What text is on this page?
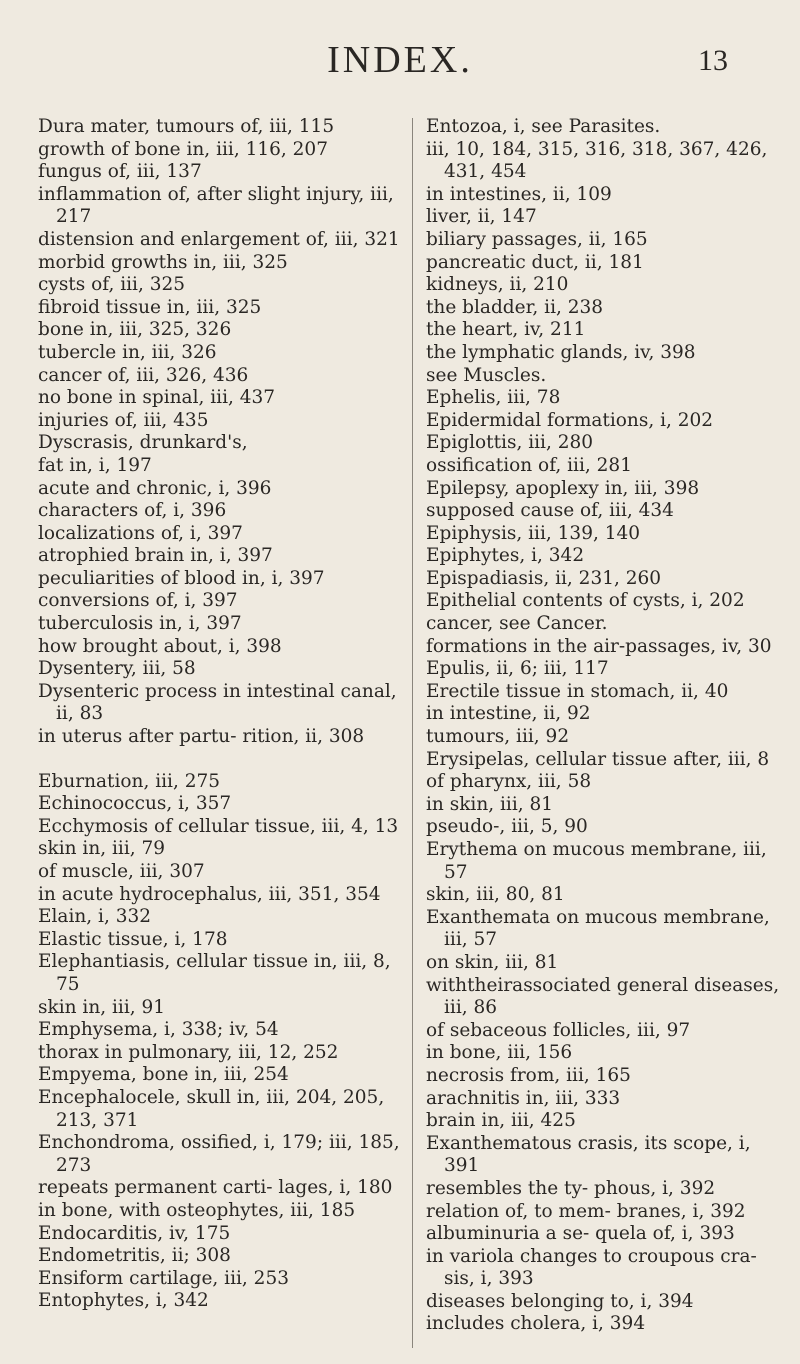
INDEX.	13
Dura mater, tumours of, iii, 115
growth of bone in, iii, 116, 207
fungus of, iii, 137
inflammation of, after slight injury, iii, 217
distension and enlargement of, iii, 321
morbid growths in, iii, 325
cysts of, iii, 325
fibroid tissue in, iii, 325
bone in, iii, 325, 326
tubercle in, iii, 326
cancer of, iii, 326, 436
no bone in spinal, iii, 437
injuries of, iii, 435
Dyscrasis, drunkard's,
fat in, i, 197
acute and chronic, i, 396
characters of, i, 396
localizations of, i, 397
atrophied brain in, i, 397
peculiarities of blood in, i, 397
conversions of, i, 397
tuberculosis in, i, 397
how brought about, i, 398
Dysentery, iii, 58
Dysenteric process in intestinal canal, ii, 83
in uterus after partu- rition, ii, 308
Eburnation, iii, 275
Echinococcus, i, 357
Ecchymosis of cellular tissue, iii, 4, 13
skin in, iii, 79
of muscle, iii, 307
in acute hydrocephalus, iii, 351, 354
Elain, i, 332
Elastic tissue, i, 178
Elephantiasis, cellular tissue in, iii, 8, 75
skin in, iii, 91
Emphysema, i, 338; iv, 54
thorax in pulmonary, iii, 12, 252
Empyema, bone in, iii, 254
Encephalocele, skull in, iii, 204, 205, 213, 371
Enchondroma, ossified, i, 179; iii, 185, 273
repeats permanent carti- lages, i, 180
in bone, with osteophytes, iii, 185
Endocarditis, iv, 175
Endometritis, ii; 308
Ensiform cartilage, iii, 253
Entophytes, i, 342
Entozoa, i, see Parasites.
iii, 10, 184, 315, 316, 318, 367, 426, 431, 454
in intestines, ii, 109
liver, ii, 147
biliary passages, ii, 165
pancreatic duct, ii, 181
kidneys, ii, 210
the bladder, ii, 238
the heart, iv, 211
the lymphatic glands, iv, 398
see Muscles.
Ephelis, iii, 78
Epidermidal formations, i, 202
Epiglottis, iii, 280
ossification of, iii, 281
Epilepsy, apoplexy in, iii, 398
supposed cause of, iii, 434
Epiphysis, iii, 139, 140
Epiphytes, i, 342
Epispadiasis, ii, 231, 260
Epithelial contents of cysts, i, 202
cancer, see Cancer.
formations in the air-passages, iv, 30
Epulis, ii, 6; iii, 117
Erectile tissue in stomach, ii, 40
in intestine, ii, 92
tumours, iii, 92
Erysipelas, cellular tissue after, iii, 8
of pharynx, iii, 58
in skin, iii, 81
pseudo-, iii, 5, 90
Erythema on mucous membrane, iii, 57
skin, iii, 80, 81
Exanthemata on mucous membrane, iii, 57
on skin, iii, 81
withtheirassociated general diseases, iii, 86
of sebaceous follicles, iii, 97
in bone, iii, 156
necrosis from, iii, 165
arachnitis in, iii, 333
brain in, iii, 425
Exanthematous crasis, its scope, i, 391
resembles the ty- phous, i, 392
relation of, to mem- branes, i, 392
albuminuria a se- quela of, i, 393
in variola changes to croupous cra- sis, i, 393
diseases belonging to, i, 394
includes cholera, i, 394
